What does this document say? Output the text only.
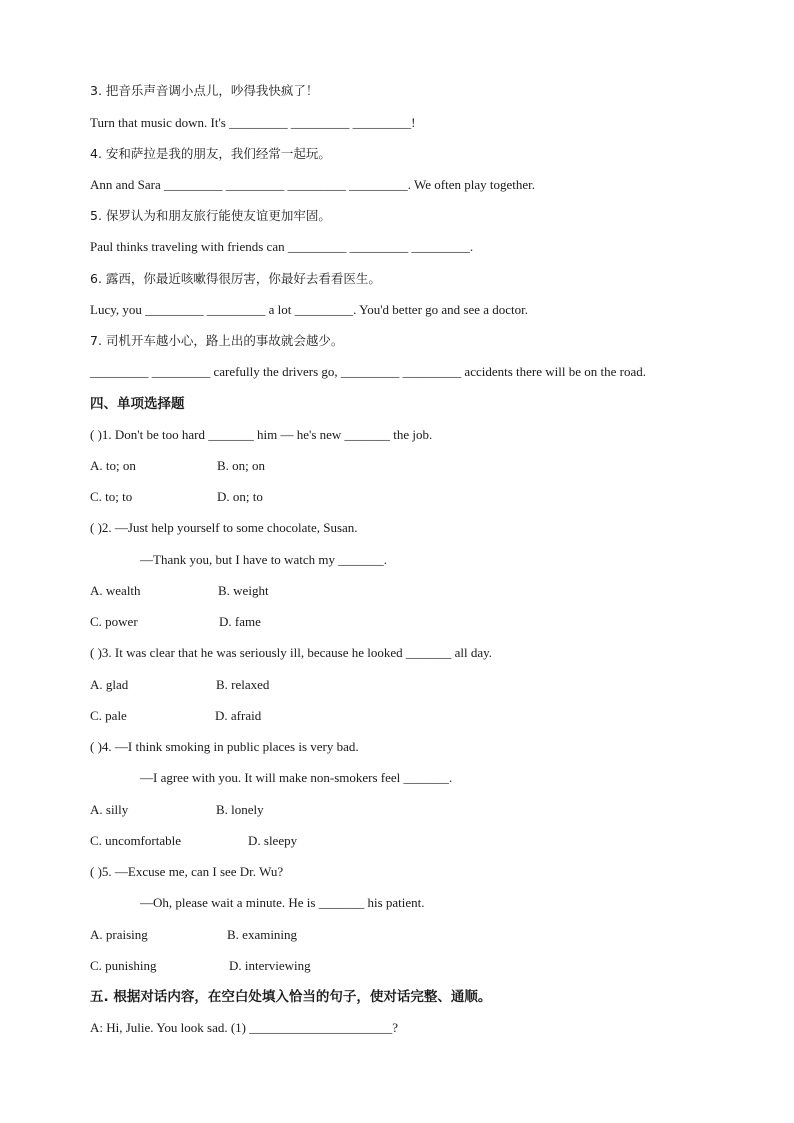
3. 把音乐声音调小点儿，吵得我快疯了！
Turn that music down. It's _________ _________ _________!
4. 安和萨拉是我的朋友，我们经常一起玩。
Ann and Sara _________ _________ _________ _________. We often play together.
5. 保罗认为和朋友旅行能使友谊更加牢固。
Paul thinks traveling with friends can _________ _________ _________.
6. 露西，你最近咳嗽得很厉害，你最好去看看医生。
Lucy, you _________ _________ a lot _________. You'd better go and see a doctor.
7. 司机开车越小心，路上出的事故就会越少。
_________ _________ carefully the drivers go, _________ _________ accidents there will be on the road.
四、单项选择题
( )1. Don't be too hard _______ him — he's new _______ the job.
A. to; on	B. on; on
C. to; to	D. on; to
( )2. —Just help yourself to some chocolate, Susan.
—Thank you, but I have to watch my _______.
A. wealth	B. weight
C. power	D. fame
( )3. It was clear that he was seriously ill, because he looked _______ all day.
A. glad	B. relaxed
C. pale	D. afraid
( )4. —I think smoking in public places is very bad.
—I agree with you. It will make non-smokers feel _______.
A. silly	B. lonely
C. uncomfortable	D. sleepy
( )5. —Excuse me, can I see Dr. Wu?
—Oh, please wait a minute. He is _______ his patient.
A. praising	B. examining
C. punishing	D. interviewing
五. 根据对话内容，在空白处填入恰当的句子，使对话完整、通顺。
A: Hi, Julie. You look sad. (1) ______________________?
